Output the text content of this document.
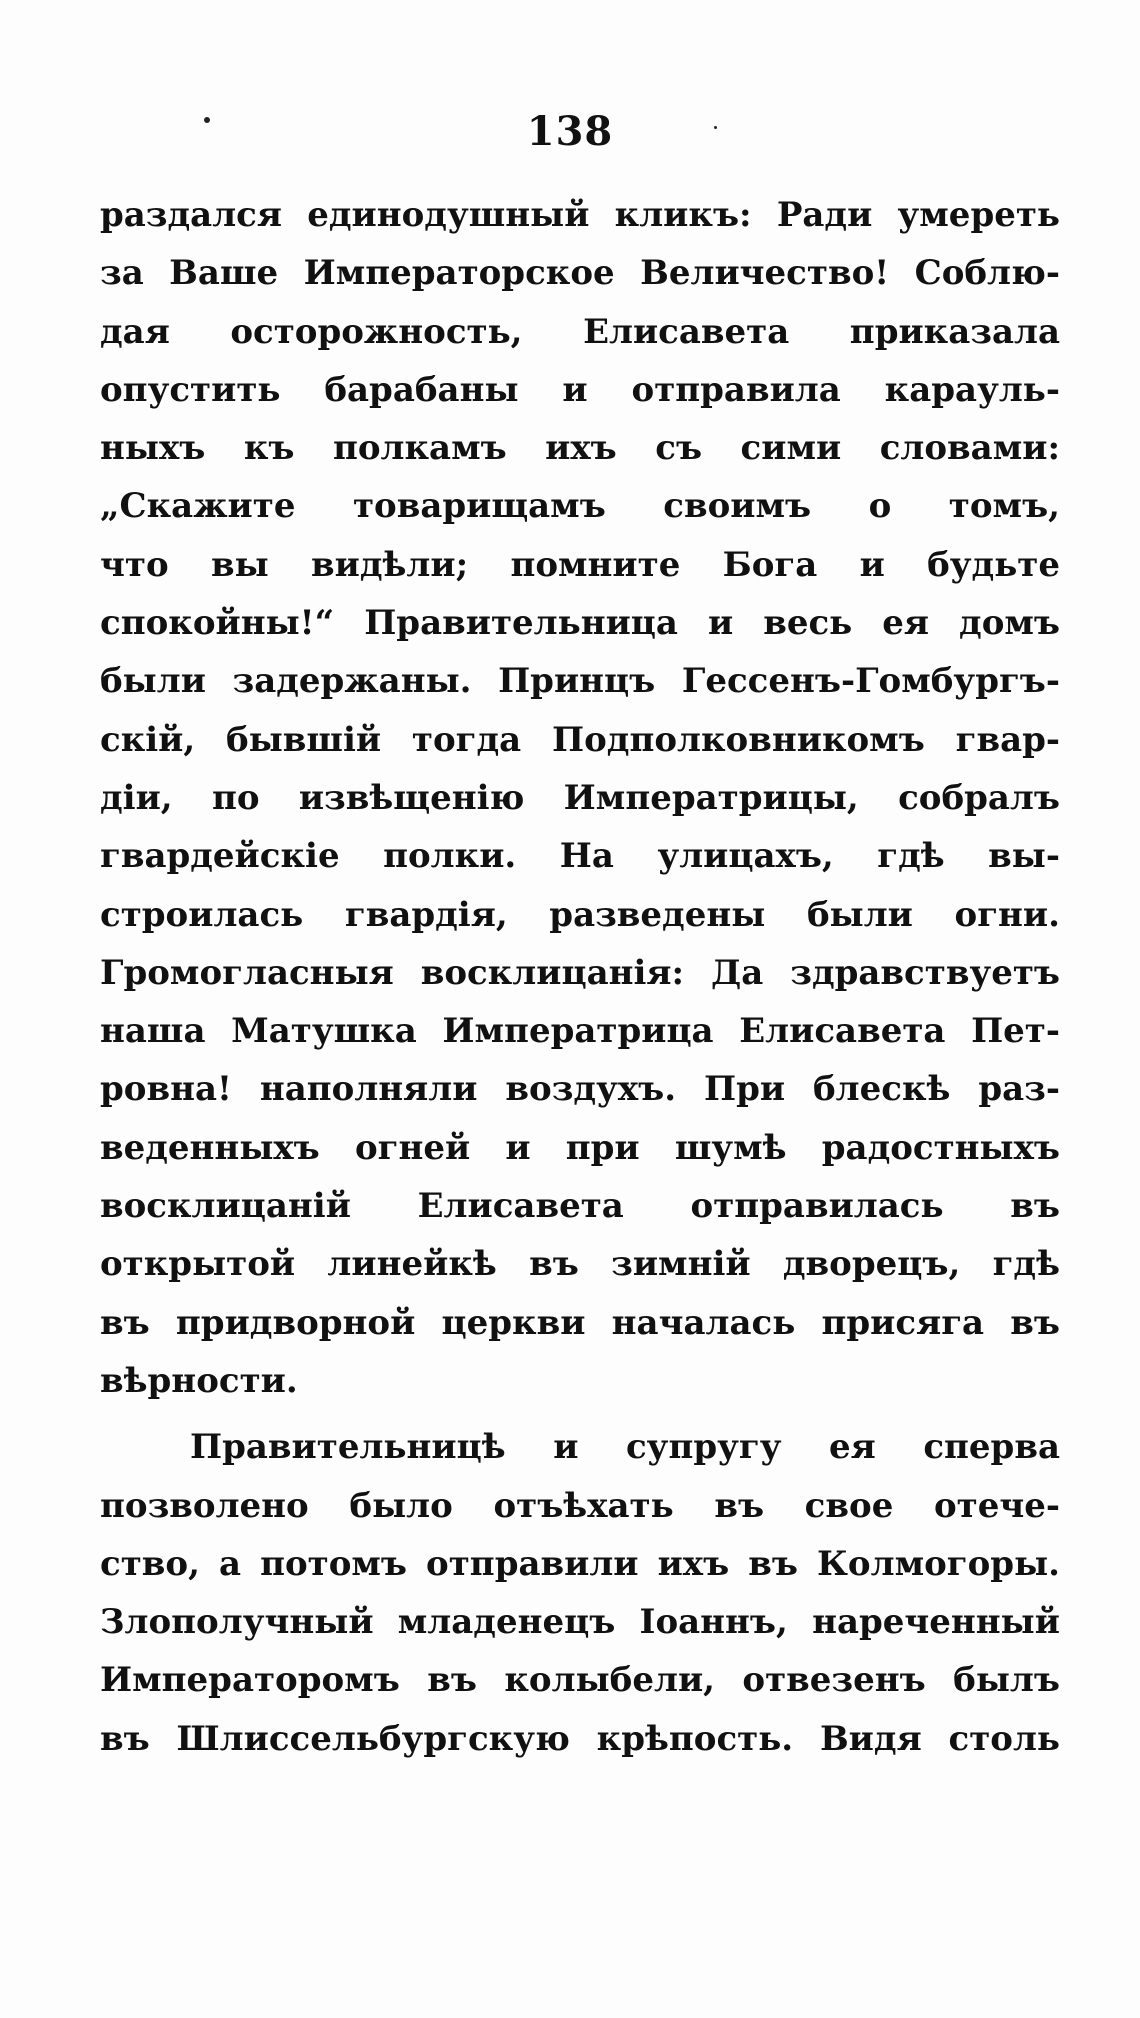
138
раздался единодушный кликъ: Ради умереть
за Ваше Императорское Величество! Соблю-
дая осторожность, Елисавета приказала
опустить барабаны и отправила карауль-
ныхъ къ полкамъ ихъ съ сими словами:
„Скажите товарищамъ своимъ о томъ,
что вы видѣли; помните Бога и будьте
спокойны!“ Правительница и весь ея домъ
были задержаны. Принцъ Гессенъ-Гомбургъ-
скій, бывшій тогда Подполковникомъ гвар-
діи, по извѣщенію Императрицы, собралъ
гвардейскіе полки. На улицахъ, гдѣ вы-
строилась гвардія, разведены были огни.
Громогласныя восклицанія: Да здравствуетъ
наша Матушка Императрица Елисавета Пет-
ровна! наполняли воздухъ. При блескѣ раз-
веденныхъ огней и при шумѣ радостныхъ
восклицаній Елисавета отправилась въ
открытой линейкѣ въ зимній дворецъ, гдѣ
въ придворной церкви началась присяга въ
вѣрности.
Правительницѣ и супругу ея сперва
позволено было отъѣхать въ свое отече-
ство, а потомъ отправили ихъ въ Колмогоры.
Злополучный младенецъ Іоаннъ, нареченный
Императоромъ въ колыбели, отвезенъ былъ
въ Шлиссельбургскую крѣпость. Видя столь
